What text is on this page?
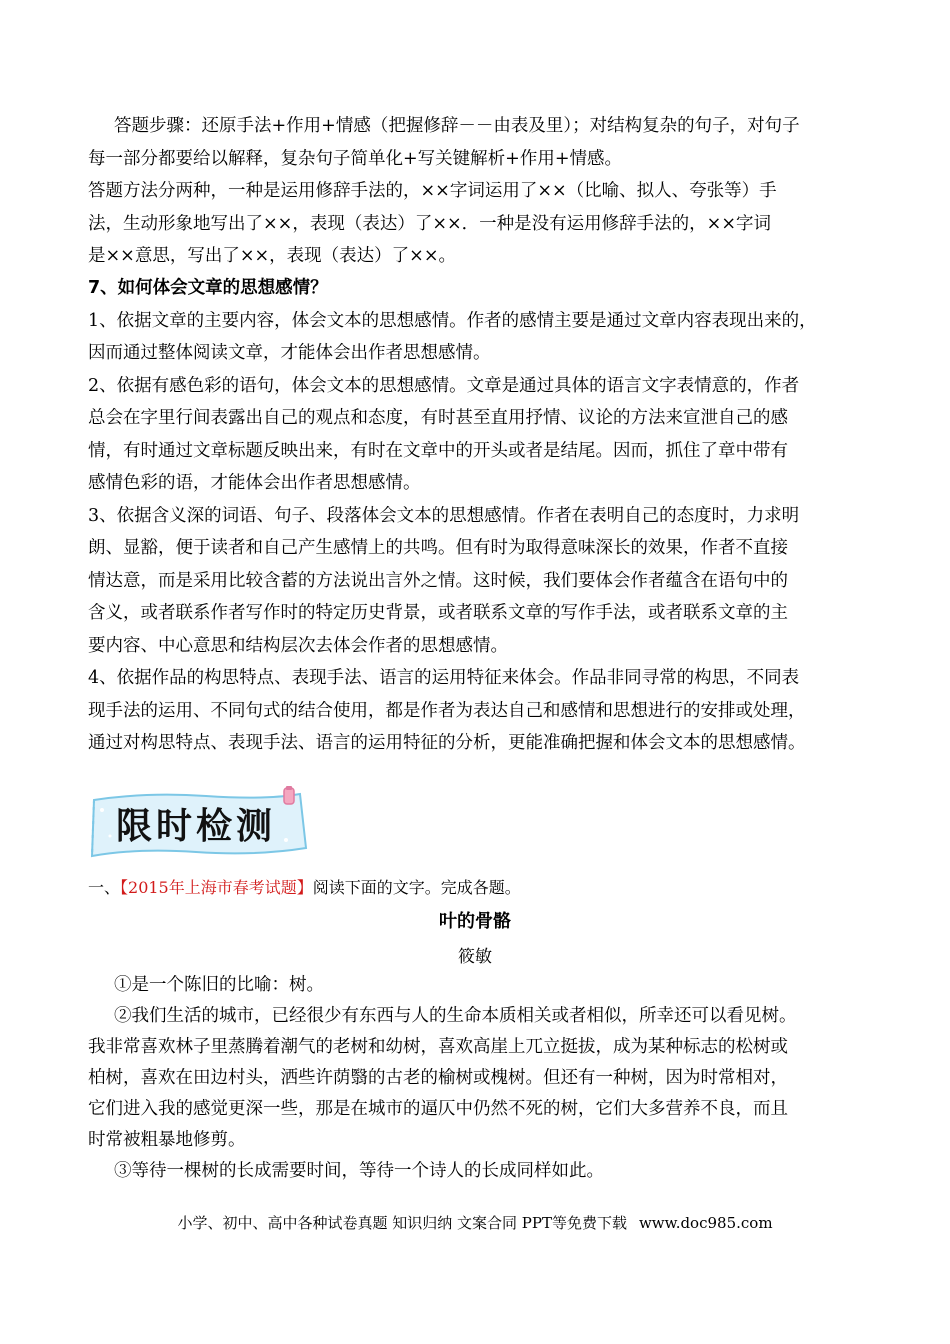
答题步骤：还原手法+作用+情感（把握修辞－－由表及里）；对结构复杂的句子，对句子

每一部分都要给以解释，复杂句子简单化+写关键解析+作用+情感。

答题方法分两种，一种是运用修辞手法的，××字词运用了××（比喻、拟人、夸张等）手

法，生动形象地写出了××，表现（表达）了××．一种是没有运用修辞手法的，××字词

是××意思，写出了××，表现（表达）了××。

7、如何体会文章的思想感情？

1、依据文章的主要内容，体会文本的思想感情。作者的感情主要是通过文章内容表现出来的，

因而通过整体阅读文章，才能体会出作者思想感情。

2、依据有感色彩的语句，体会文本的思想感情。文章是通过具体的语言文字表情意的，作者

总会在字里行间表露出自己的观点和态度，有时甚至直用抒情、议论的方法来宣泄自己的感

情，有时通过文章标题反映出来，有时在文章中的开头或者是结尾。因而，抓住了章中带有

感情色彩的语，才能体会出作者思想感情。

3、依据含义深的词语、句子、段落体会文本的思想感情。作者在表明自己的态度时，力求明

朗、显豁，便于读者和自己产生感情上的共鸣。但有时为取得意味深长的效果，作者不直接

情达意，而是采用比较含蓄的方法说出言外之情。这时候，我们要体会作者蕴含在语句中的

含义，或者联系作者写作时的特定历史背景，或者联系文章的写作手法，或者联系文章的主

要内容、中心意思和结构层次去体会作者的思想感情。

4、依据作品的构思特点、表现手法、语言的运用特征来体会。作品非同寻常的构思，不同表

现手法的运用、不同句式的结合使用，都是作者为表达自己和感情和思想进行的安排或处理，

通过对构思特点、表现手法、语言的运用特征的分析，更能准确把握和体会文本的思想感情。

限时检测

一、【2015年上海市春考试题】阅读下面的文字。完成各题。

叶的骨骼
筱敏

①是一个陈旧的比喻：树。

②我们生活的城市，已经很少有东西与人的生命本质相关或者相似，所幸还可以看见树。

我非常喜欢林子里蒸腾着潮气的老树和幼树，喜欢高崖上兀立挺拔，成为某种标志的松树或

柏树，喜欢在田边村头，洒些许荫翳的古老的榆树或槐树。但还有一种树，因为时常相对，

它们进入我的感觉更深一些，那是在城市的逼仄中仍然不死的树，它们大多营养不良，而且

时常被粗暴地修剪。

③等待一棵树的长成需要时间，等待一个诗人的长成同样如此。

小学、初中、高中各种试卷真题 知识归纳 文案合同 PPT等免费下载 www.doc985.com
